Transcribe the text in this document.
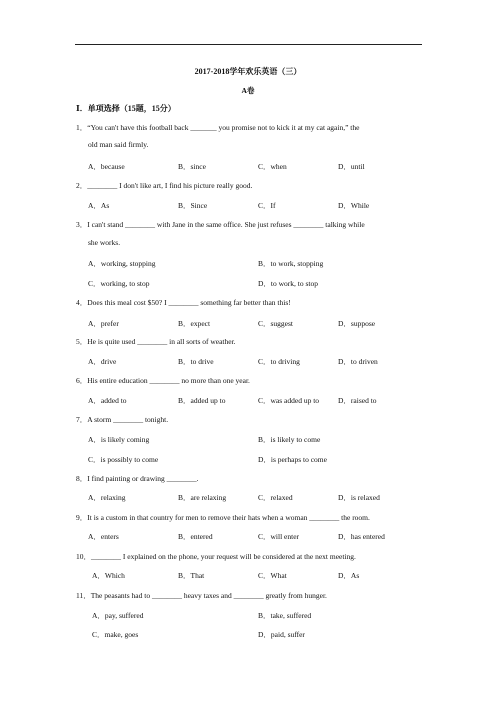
2017-2018学年欢乐英语（三）
A卷
Ⅰ．单项选择（15题，15分）
1．“You can't have this football back _______ you promise not to kick it at my cat again,” the
old man said firmly.
A．because	B．since	C．when	D．until
2．________ I don't like art, I find his picture really good.
A．As	B．Since	C．If	D．While
3．I can't stand ________ with Jane in the same office. She just refuses ________ talking while
she works.
A．working, stopping	B．to work, stopping
C．working, to stop	D．to work, to stop
4．Does this meal cost $50? I ________ something far better than this!
A．prefer	B．expect	C．suggest	D．suppose
5．He is quite used ________ in all sorts of weather.
A．drive	B．to drive	C．to driving	D．to driven
6．His entire education ________ no more than one year.
A．added to	B．added up to	C．was added up to	D．raised to
7．A storm ________ tonight.
A．is likely coming	B．is likely to come
C．is possibly to come	D．is perhaps to come
8．I find painting or drawing ________.
A．relaxing	B．are relaxing	C．relaxed	D．is relaxed
9．It is a custom in that country for men to remove their hats when a woman ________ the room.
A．enters	B．entered	C．will enter	D．has entered
10．________ I explained on the phone, your request will be considered at the next meeting.
A．Which	B．That	C．What	D．As
11．The peasants had to ________ heavy taxes and ________ greatly from hunger.
A．pay, suffered	B．take, suffered
C．make, goes	D．paid, suffer
